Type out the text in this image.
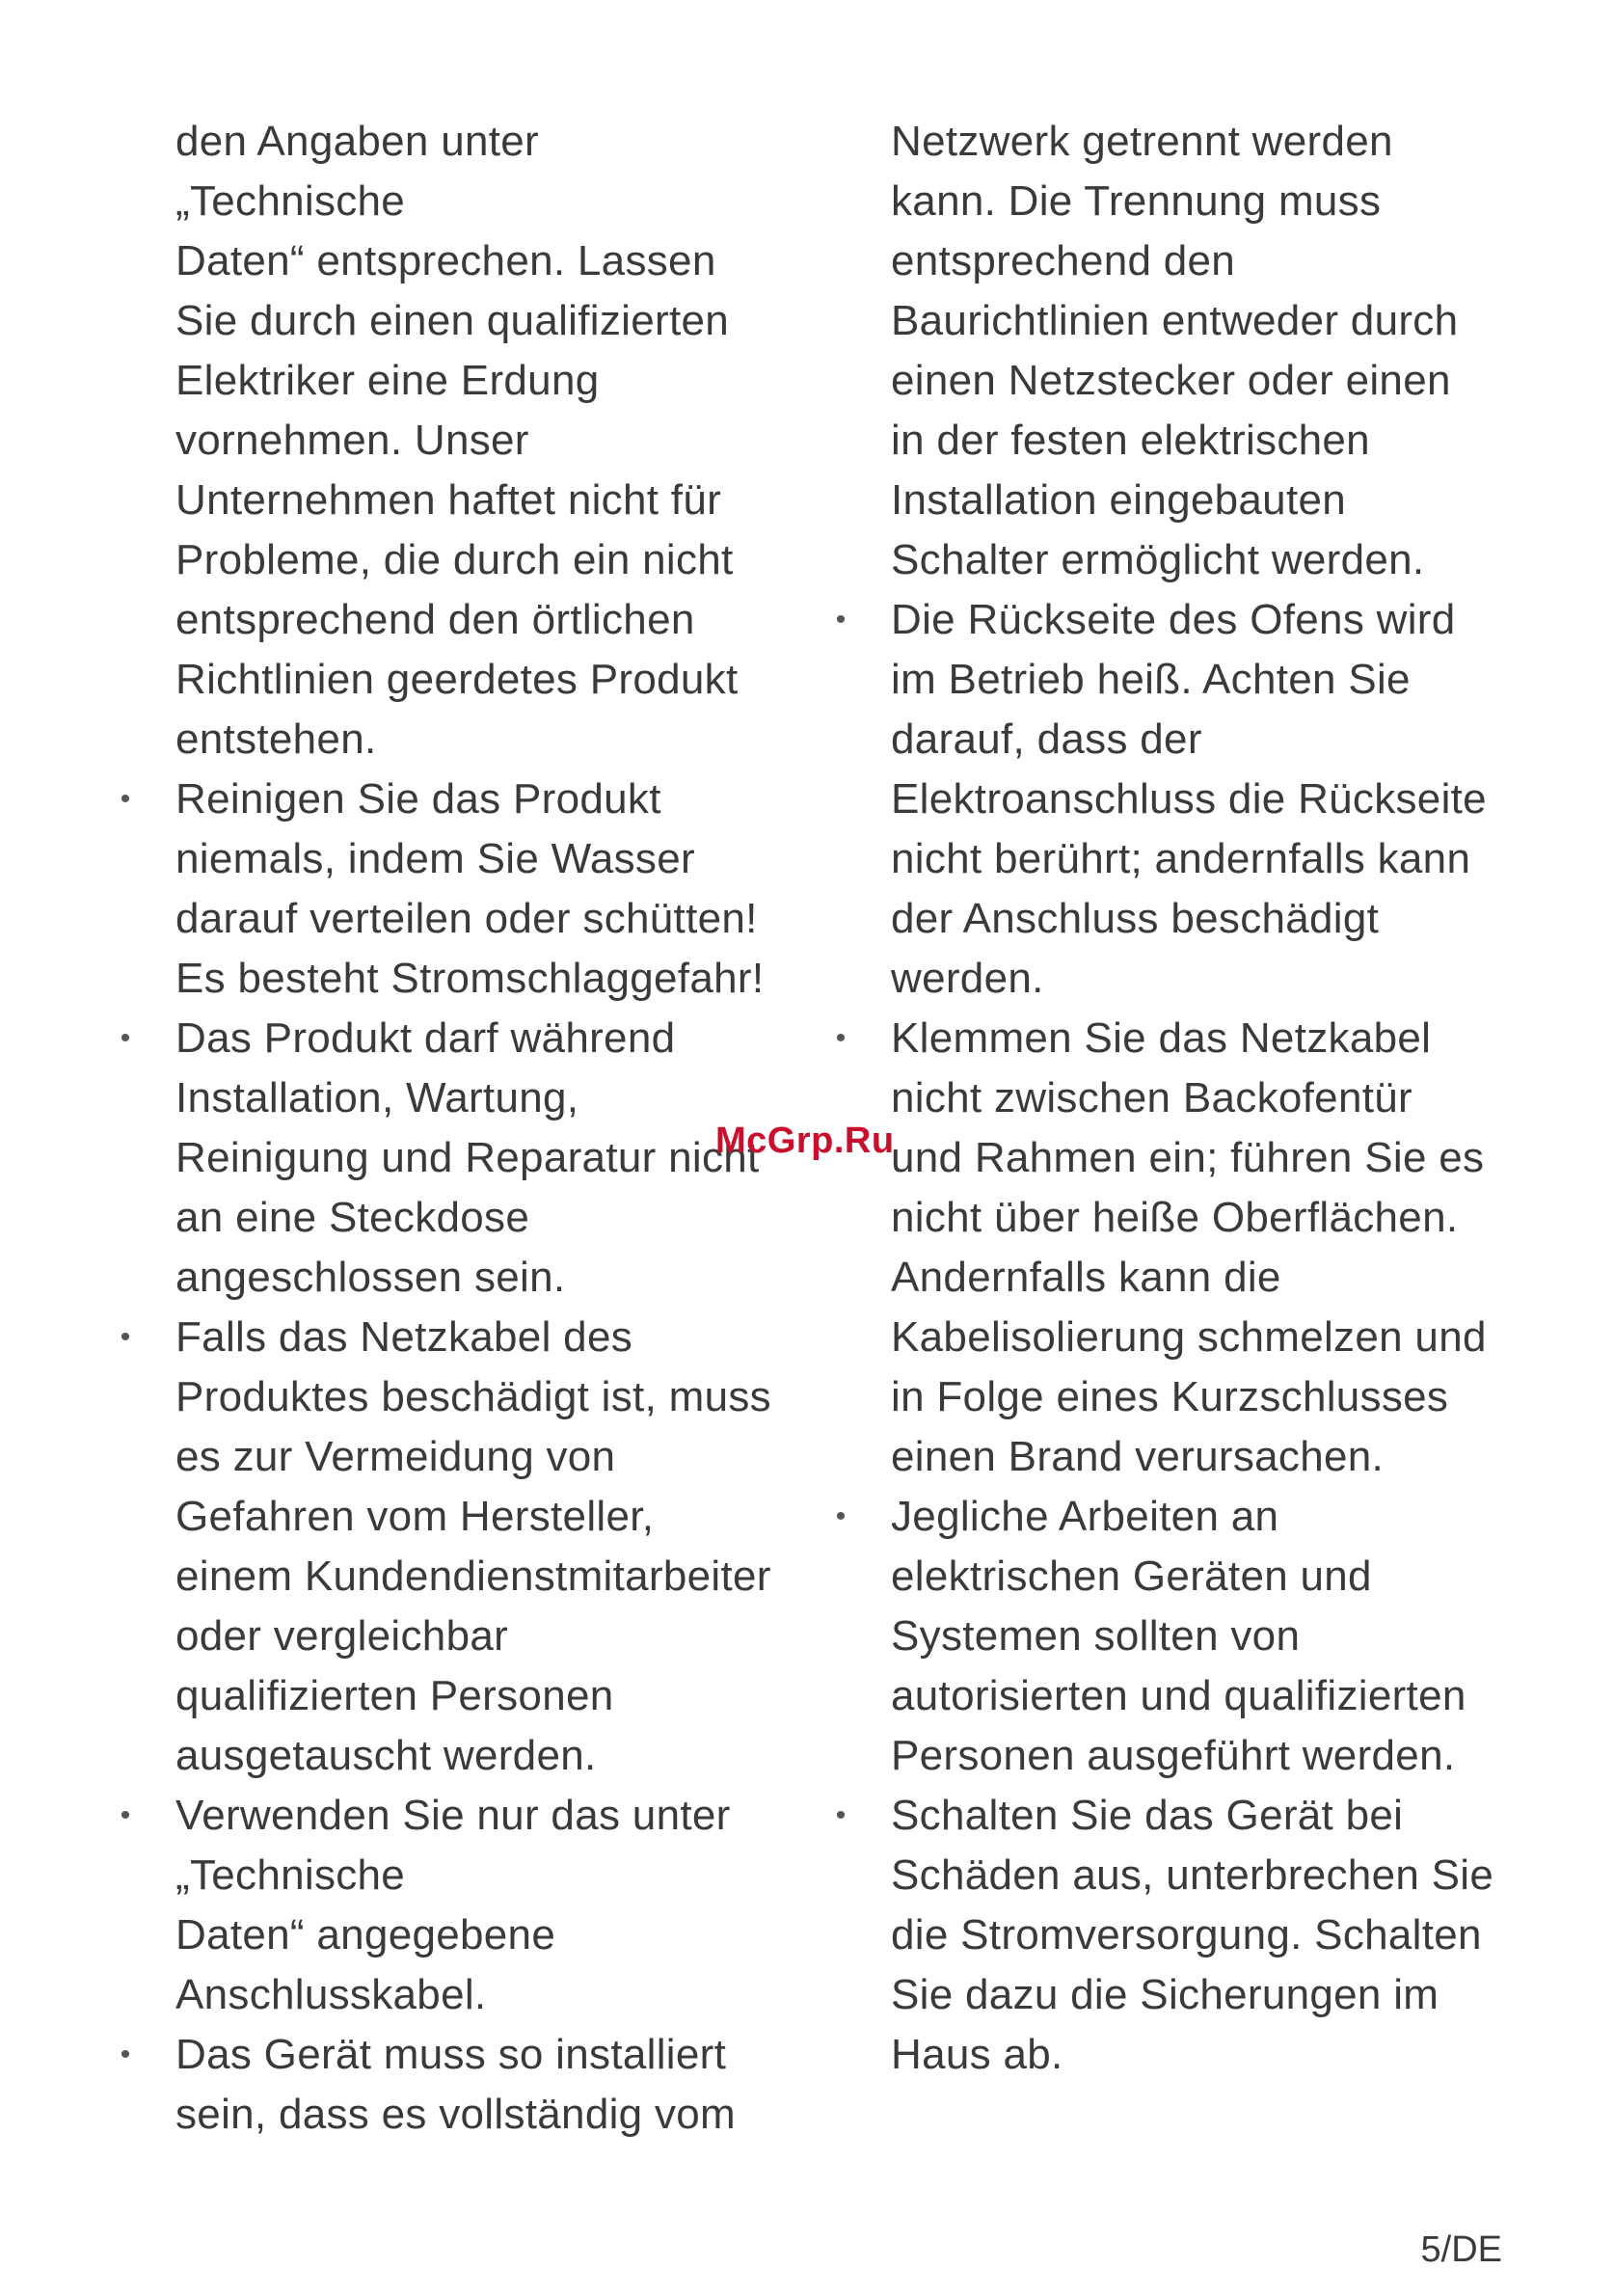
den Angaben unter
„Technische
Daten“ entsprechen. Lassen
Sie durch einen qualifizierten
Elektriker eine Erdung
vornehmen. Unser
Unternehmen haftet nicht für
Probleme, die durch ein nicht
entsprechend den örtlichen
Richtlinien geerdetes Produkt
entstehen.
• Reinigen Sie das Produkt
niemals, indem Sie Wasser
darauf verteilen oder schütten!
Es besteht Stromschlaggefahr!
• Das Produkt darf während
Installation, Wartung,
Reinigung und Reparatur nicht
an eine Steckdose
angeschlossen sein.
• Falls das Netzkabel des
Produktes beschädigt ist, muss
es zur Vermeidung von
Gefahren vom Hersteller,
einem Kundendienstmitarbeiter
oder vergleichbar
qualifizierten Personen
ausgetauscht werden.
• Verwenden Sie nur das unter
„Technische
Daten“ angegebene
Anschlusskabel.
• Das Gerät muss so installiert
sein, dass es vollständig vom
Netzwerk getrennt werden
kann. Die Trennung muss
entsprechend den
Baurichtlinien entweder durch
einen Netzstecker oder einen
in der festen elektrischen
Installation eingebauten
Schalter ermöglicht werden.
• Die Rückseite des Ofens wird
im Betrieb heiß. Achten Sie
darauf, dass der
Elektroanschluss die Rückseite
nicht berührt; andernfalls kann
der Anschluss beschädigt
werden.
• Klemmen Sie das Netzkabel
nicht zwischen Backofentür
und Rahmen ein; führen Sie es
nicht über heiße Oberflächen.
Andernfalls kann die
Kabelisolierung schmelzen und
in Folge eines Kurzschlusses
einen Brand verursachen.
• Jegliche Arbeiten an
elektrischen Geräten und
Systemen sollten von
autorisierten und qualifizierten
Personen ausgeführt werden.
• Schalten Sie das Gerät bei
Schäden aus, unterbrechen Sie
die Stromversorgung. Schalten
Sie dazu die Sicherungen im
Haus ab.
McGrp.Ru
5/DE
